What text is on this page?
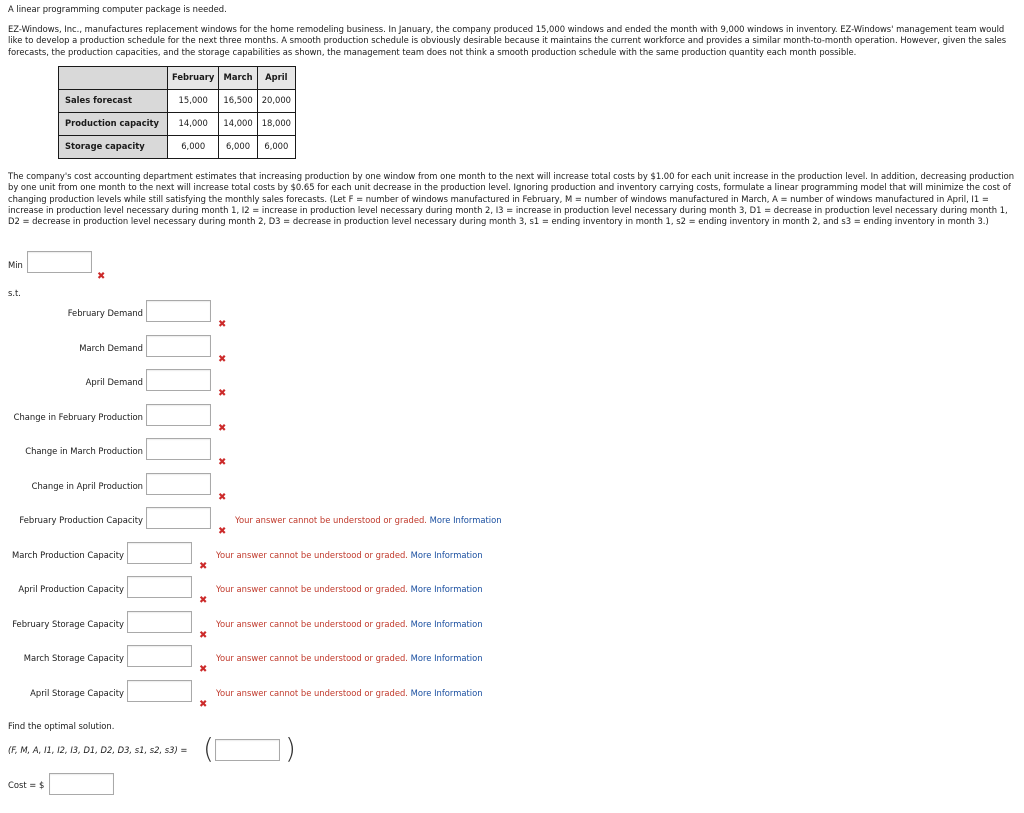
A linear programming computer package is needed.
EZ-Windows, Inc., manufactures replacement windows for the home remodeling business. In January, the company produced 15,000 windows and ended the month with 9,000 windows in inventory. EZ-Windows' management team would like to develop a production schedule for the next three months. A smooth production schedule is obviously desirable because it maintains the current workforce and provides a similar month-to-month operation. However, given the sales forecasts, the production capacities, and the storage capabilities as shown, the management team does not think a smooth production schedule with the same production quantity each month possible.
	February	March	April
Sales forecast	15,000	16,500	20,000
Production capacity	14,000	14,000	18,000
Storage capacity	6,000	6,000	6,000
The company's cost accounting department estimates that increasing production by one window from one month to the next will increase total costs by $1.00 for each unit increase in the production level. In addition, decreasing production by one unit from one month to the next will increase total costs by $0.65 for each unit decrease in the production level. Ignoring production and inventory carrying costs, formulate a linear programming model that will minimize the cost of changing production levels while still satisfying the monthly sales forecasts. (Let F = number of windows manufactured in February, M = number of windows manufactured in March, A = number of windows manufactured in April, I1 = increase in production level necessary during month 1, I2 = increase in production level necessary during month 2, I3 = increase in production level necessary during month 3, D1 = decrease in production level necessary during month 1, D2 = decrease in production level necessary during month 2, D3 = decrease in production level necessary during month 3, s1 = ending inventory in month 1, s2 = ending inventory in month 2, and s3 = ending inventory in month 3.)
Min
✖
s.t.
February Demand
✖
March Demand
✖
April Demand
✖
Change in February Production
✖
Change in March Production
✖
Change in April Production
✖
February Production Capacity
✖
Your answer cannot be understood or graded. More Information
March Production Capacity
✖
Your answer cannot be understood or graded. More Information
April Production Capacity
✖
Your answer cannot be understood or graded. More Information
February Storage Capacity
✖
Your answer cannot be understood or graded. More Information
March Storage Capacity
✖
Your answer cannot be understood or graded. More Information
April Storage Capacity
✖
Your answer cannot be understood or graded. More Information
Find the optimal solution.
(F, M, A, I1, I2, I3, D1, D2, D3, s1, s2, s3) = (	)
Cost = $
